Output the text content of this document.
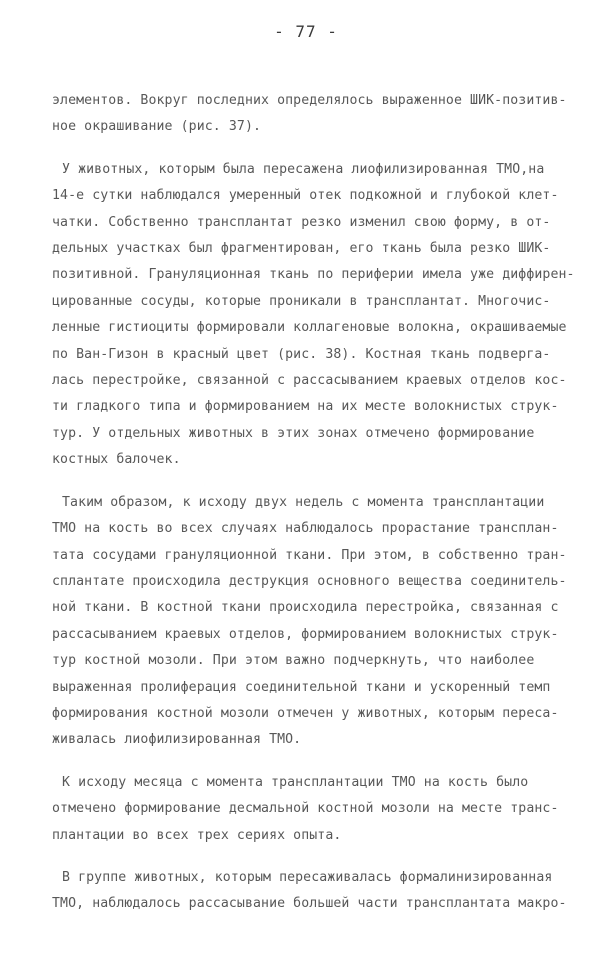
- 77 -
элементов. Вокруг последних определялось выраженное ШИК-позитив-
ное окрашивание (рис. 37).
У животных, которым была пересажена лиофилизированная ТМО,на
14-е сутки наблюдался умеренный отек подкожной и глубокой клет-
чатки. Собственно трансплантат резко изменил свою форму, в от-
дельных участках был фрагментирован, его ткань была резко ШИК-
позитивной. Грануляционная ткань по периферии имела уже диффирен-
цированные сосуды, которые проникали в трансплантат. Многочис-
ленные гистиоциты формировали коллагеновые волокна, окрашиваемые
по Ван-Гизон в красный цвет (рис. 38). Костная ткань подверга-
лась перестройке, связанной с рассасыванием краевых отделов кос-
ти гладкого типа и формированием на их месте волокнистых струк-
тур. У отдельных животных в этих зонах отмечено формирование
костных балочек.
Таким образом, к исходу двух недель с момента трансплантации
ТМО на кость во всех случаях наблюдалось прорастание трансплан-
тата сосудами грануляционной ткани. При этом, в собственно тран-
сплантате происходила деструкция основного вещества соединитель-
ной ткани. В костной ткани происходила перестройка, связанная с
рассасыванием краевых отделов, формированием волокнистых струк-
тур костной мозоли. При этом важно подчеркнуть, что наиболее
выраженная пролиферация соединительной ткани и ускоренный темп
формирования костной мозоли отмечен у животных, которым переса-
живалась лиофилизированная ТМО.
К исходу месяца с момента трансплантации ТМО на кость было
отмечено формирование десмальной костной мозоли на месте транс-
плантации во всех трех сериях опыта.
В группе животных, которым пересаживалась формалинизированная
ТМО, наблюдалось рассасывание большей части трансплантата макро-
